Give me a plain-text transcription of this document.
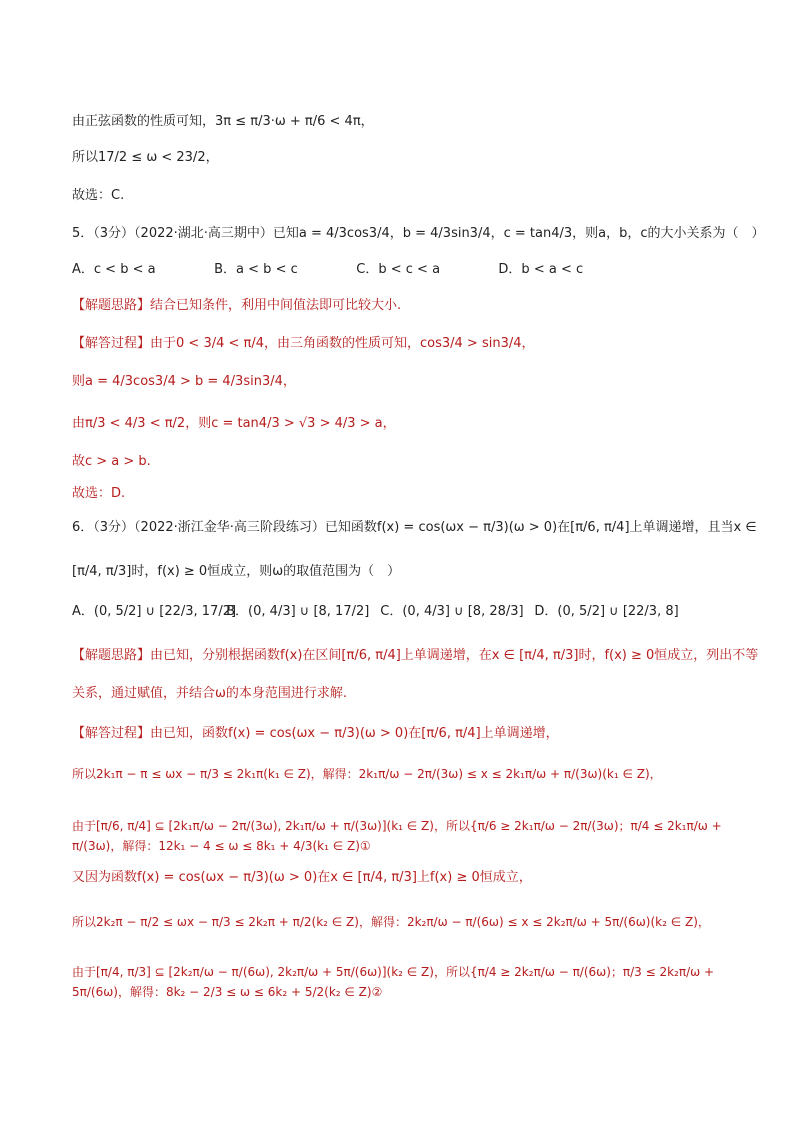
由正弦函数的性质可知，3π ≤ π/3·ω + π/6 < 4π，
所以17/2 ≤ ω < 23/2，
故选：C.
5．（3分）（2022·湖北·高三期中）已知a = 4/3cos3/4，b = 4/3sin3/4，c = tan4/3，则a，b，c的大小关系为（　）
A．c < b < a	B．a < b < c	C．b < c < a	D．b < a < c
【解题思路】结合已知条件，利用中间值法即可比较大小.
【解答过程】由于0 < 3/4 < π/4，由三角函数的性质可知，cos3/4 > sin3/4，
则a = 4/3cos3/4 > b = 4/3sin3/4，
由π/3 < 4/3 < π/2，则c = tan4/3 > √3 > 4/3 > a，
故c > a > b.
故选：D.
6．（3分）（2022·浙江金华·高三阶段练习）已知函数f(x) = cos(ωx − π/3)(ω > 0)在[π/6, π/4]上单调递增，且当x ∈
[π/4, π/3]时，f(x) ≥ 0恒成立，则ω的取值范围为（　）
A．(0, 5/2] ∪ [22/3, 17/2] B．(0, 4/3] ∪ [8, 17/2] C．(0, 4/3] ∪ [8, 28/3] D．(0, 5/2] ∪ [22/3, 8]
【解题思路】由已知，分别根据函数f(x)在区间[π/6, π/4]上单调递增，在x ∈ [π/4, π/3]时，f(x) ≥ 0恒成立，列出不等
关系，通过赋值，并结合ω的本身范围进行求解.
【解答过程】由已知，函数f(x) = cos(ωx − π/3)(ω > 0)在[π/6, π/4]上单调递增，
所以2k₁π − π ≤ ωx − π/3 ≤ 2k₁π(k₁ ∈ Z)，解得：2k₁π/ω − 2π/(3ω) ≤ x ≤ 2k₁π/ω + π/(3ω)(k₁ ∈ Z)，
由于[π/6, π/4] ⊆ [2k₁π/ω − 2π/(3ω), 2k₁π/ω + π/(3ω)](k₁ ∈ Z)，所以{π/6 ≥ 2k₁π/ω − 2π/(3ω)；π/4 ≤ 2k₁π/ω + π/(3ω)，解得：12k₁ − 4 ≤ ω ≤ 8k₁ + 4/3(k₁ ∈ Z)①
又因为函数f(x) = cos(ωx − π/3)(ω > 0)在x ∈ [π/4, π/3]上f(x) ≥ 0恒成立，
所以2k₂π − π/2 ≤ ωx − π/3 ≤ 2k₂π + π/2(k₂ ∈ Z)，解得：2k₂π/ω − π/(6ω) ≤ x ≤ 2k₂π/ω + 5π/(6ω)(k₂ ∈ Z)，
由于[π/4, π/3] ⊆ [2k₂π/ω − π/(6ω), 2k₂π/ω + 5π/(6ω)](k₂ ∈ Z)，所以{π/4 ≥ 2k₂π/ω − π/(6ω)；π/3 ≤ 2k₂π/ω + 5π/(6ω)，解得：8k₂ − 2/3 ≤ ω ≤ 6k₂ + 5/2(k₂ ∈ Z)②
